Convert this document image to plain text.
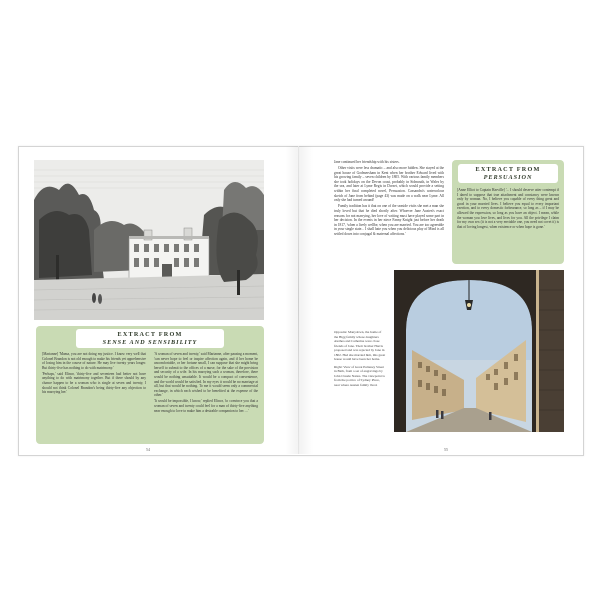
EXTRACT FROM
SENSE AND SENSIBILITY

[Marianne] 'Mama, you are not doing my justice. I know very well that Colonel Brandon is not old enough to make his friends yet apprehensive of losing him in the course of nature. He may live twenty years longer. But thirty-five has nothing to do with matrimony.'

'Perhaps,' said Elinor, 'thirty-five and seventeen had better not have anything to do with matrimony together. But if there should by any chance happen to be a woman who is single at seven and twenty, I should not think Colonel Brandon's being thirty-five any objection to his marrying her.'

'A woman of seven and twenty,' said Marianne, after pausing a moment, 'can never hope to feel or inspire affection again, and if her home be uncomfortable, or her fortune small, I can suppose that she might bring herself to submit to the offices of a nurse, for the sake of the provision and security of a wife. In his marrying such a woman, therefore, there would be nothing unsuitable. It would be a compact of convenience, and the world would be satisfied. In my eyes it would be no marriage at all, but that would be nothing. To me it would seem only a commercial exchange, in which each wished to be benefited at the expense of the other.'

'It would be impossible, I know,' replied Elinor, 'to convince you that a woman of seven and twenty could feel for a man of thirty-five anything near enough to love to make him a desirable companion to her. ...'

54

Jane continued her friendship with his sisters.

Other visits were less dramatic – and also more hidden. She stayed at the great house of Godmersham in Kent when her brother Edward lived with his growing family – seven children by 1805. With various family members she took holidays on the Devon coast, probably in Sidmouth, in Wales by the sea, and later at Lyme Regis in Dorset, which would provide a setting within her final completed novel, Persuasion. Cassandra's watercolour sketch of Jane from behind (page 43) was made on a walk near Lyme. All only she had turned around!

Family tradition has it that on one of the seaside visits she met a man she truly loved but that he died shortly after. Whoever Jane Austen's exact reasons for not marrying, her love of writing must have played some part in her decision. In the events in her niece Fanny Knight just before her death in 1817, 'when a lively wellbe, when you are married. You are too agreeable in your single state... I shall hate you when you delicious play of Mind is all settled down into conjugal & maternal affections.'

EXTRACT FROM
PERSUASION
[Anne Elliot to Captain Harville] '... I should deserve utter contempt if I dared to suppose that true attachment and constancy were known only by woman. No, I believe you capable of every thing great and good in your married lives. I believe you equal to every important exertion, and to every domestic forbearance, so long as – if I may be allowed the expression, so long as you have an object. I mean, while the woman you love lives, and lives for you. All the privilege I claim for my own sex (it is not a very enviable one, you need not covet it) is that of loving longest, when existence or when hope is gone.'

Opposite: Manydown, the home of the Bigg family whose daughters Alethea and Catherine were close friends of Jane. Their brother Harris proposed and was rejected by Jane in 1802. Had she married him, this great house would have been her home.

Right: View of Great Pulteney Street in Bath, from a set of engravings by John Claude Nattes. The viewpoint is from the portico of Sydney Place, near where Austen family lived.

55
